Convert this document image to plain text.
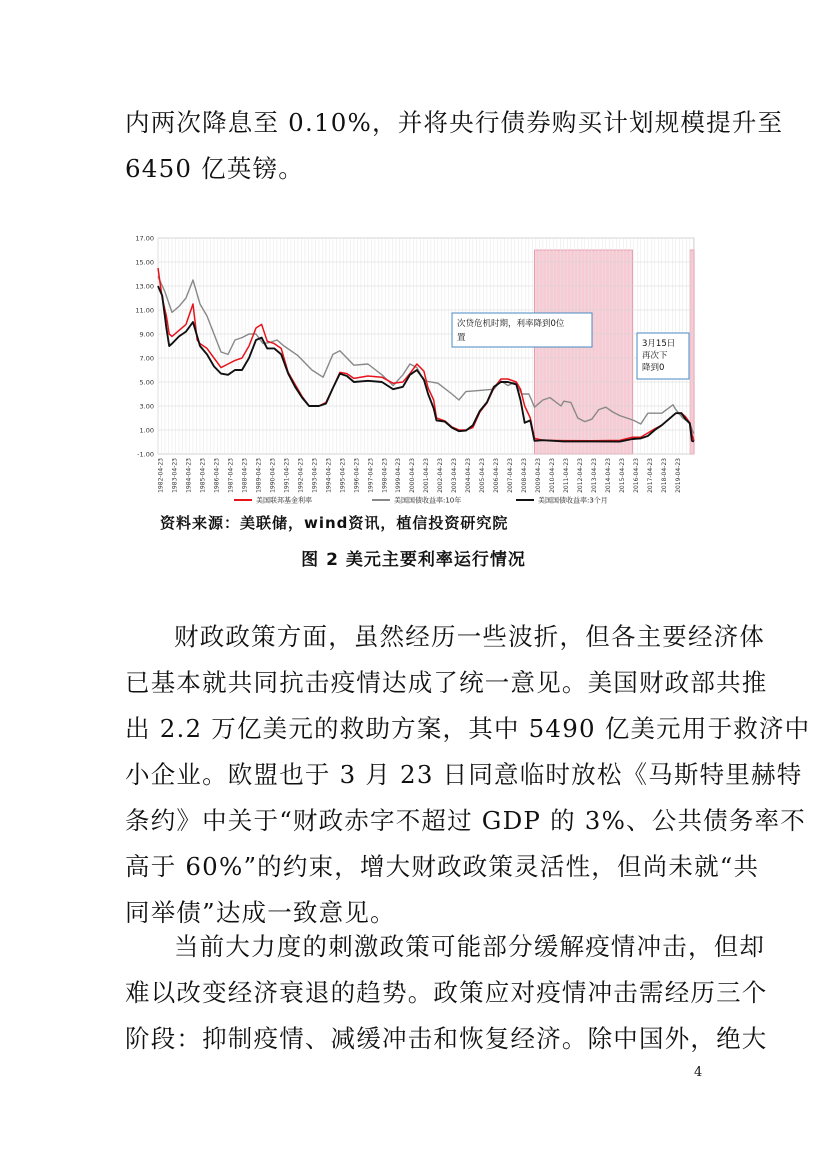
内两次降息至 0.10%，并将央行债券购买计划规模提升至
6450 亿英镑。

17.00
15.00
13.00
11.00
9.00
7.00
5.00
3.00
1.00
-1.00
1982-04-23 1983-04-23 1984-04-23 1985-04-23 1986-04-23 1987-04-23 1988-04-23 1989-04-23 1990-04-23 1991-04-23 1992-04-23 1993-04-23 1994-04-23 1995-04-23 1996-04-23 1997-04-23 1998-04-23 1999-04-23 2000-04-23 2001-04-23 2002-04-23 2003-04-23 2004-04-23 2005-04-23 2006-04-23 2007-04-23 2008-04-23 2009-04-23 2010-04-23 2011-04-23 2012-04-23 2013-04-23 2014-04-23 2015-04-23 2016-04-23 2017-04-23 2018-04-23 2019-04-23
次贷危机时期，利率降到0位
置
3月15日
再次下
降到0
美国联邦基金利率	美国国债收益率:10年	美国国债收益率:3个月
资料来源：美联储，wind资讯，植信投资研究院
图 2 美元主要利率运行情况

财政政策方面，虽然经历一些波折，但各主要经济体
已基本就共同抗击疫情达成了统一意见。美国财政部共推
出 2.2 万亿美元的救助方案，其中 5490 亿美元用于救济中
小企业。欧盟也于 3 月 23 日同意临时放松《马斯特里赫特
条约》中关于“财政赤字不超过 GDP 的 3%、公共债务率不
高于 60%”的约束，增大财政政策灵活性，但尚未就“共
同举债”达成一致意见。

当前大力度的刺激政策可能部分缓解疫情冲击，但却
难以改变经济衰退的趋势。政策应对疫情冲击需经历三个
阶段：抑制疫情、减缓冲击和恢复经济。除中国外，绝大

4
